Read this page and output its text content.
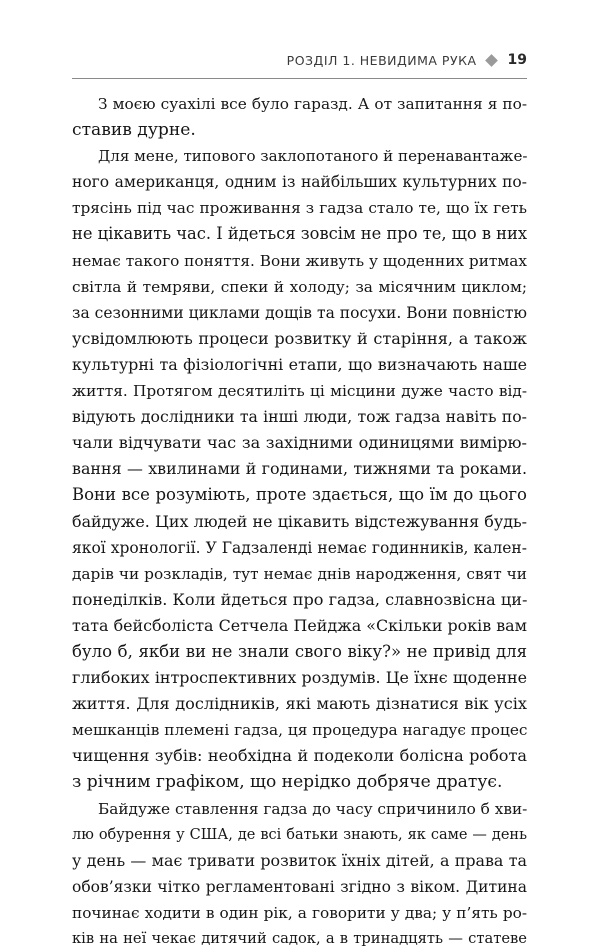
РОЗДІЛ 1. НЕВИДИМА РУКА 19
З моєю суахілі все було гаразд. А от запитання я по-
ставив дурне.
Для мене, типового заклопотаного й перенавантаже-
ного американця, одним із найбільших культурних по-
трясінь під час проживання з гадза стало те, що їх геть
не цікавить час. І йдеться зовсім не про те, що в них
немає такого поняття. Вони живуть у щоденних ритмах
світла й темряви, спеки й холоду; за місячним циклом;
за сезонними циклами дощів та посухи. Вони повністю
усвідомлюють процеси розвитку й старіння, а також
культурні та фізіологічні етапи, що визначають наше
життя. Протягом десятиліть ці місцини дуже часто від-
відують дослідники та інші люди, тож гадза навіть по-
чали відчувати час за західними одиницями вимірю-
вання — хвилинами й годинами, тижнями та роками.
Вони все розуміють, проте здається, що їм до цього
байдуже. Цих людей не цікавить відстежування будь-
якої хронології. У Гадзаленді немає годинників, кален-
дарів чи розкладів, тут немає днів народження, свят чи
понеділків. Коли йдеться про гадза, славнозвісна ци-
тата бейсболіста Сетчела Пейджа «Скільки років вам
було б, якби ви не знали свого віку?» не привід для
глибоких інтроспективних роздумів. Це їхнє щоденне
життя. Для дослідників, які мають дізнатися вік усіх
мешканців племені гадза, ця процедура нагадує процес
чищення зубів: необхідна й подеколи болісна робота
з річним графіком, що нерідко добряче дратує.
Байдуже ставлення гадза до часу спричинило б хви-
лю обурення у США, де всі батьки знають, як саме — день
у день — має тривати розвиток їхніх дітей, а права та
обов’язки чітко регламентовані згідно з віком. Дитина
починає ходити в один рік, а говорити у два; у п’ять ро-
ків на неї чекає дитячий садок, а в тринадцять — статеве
